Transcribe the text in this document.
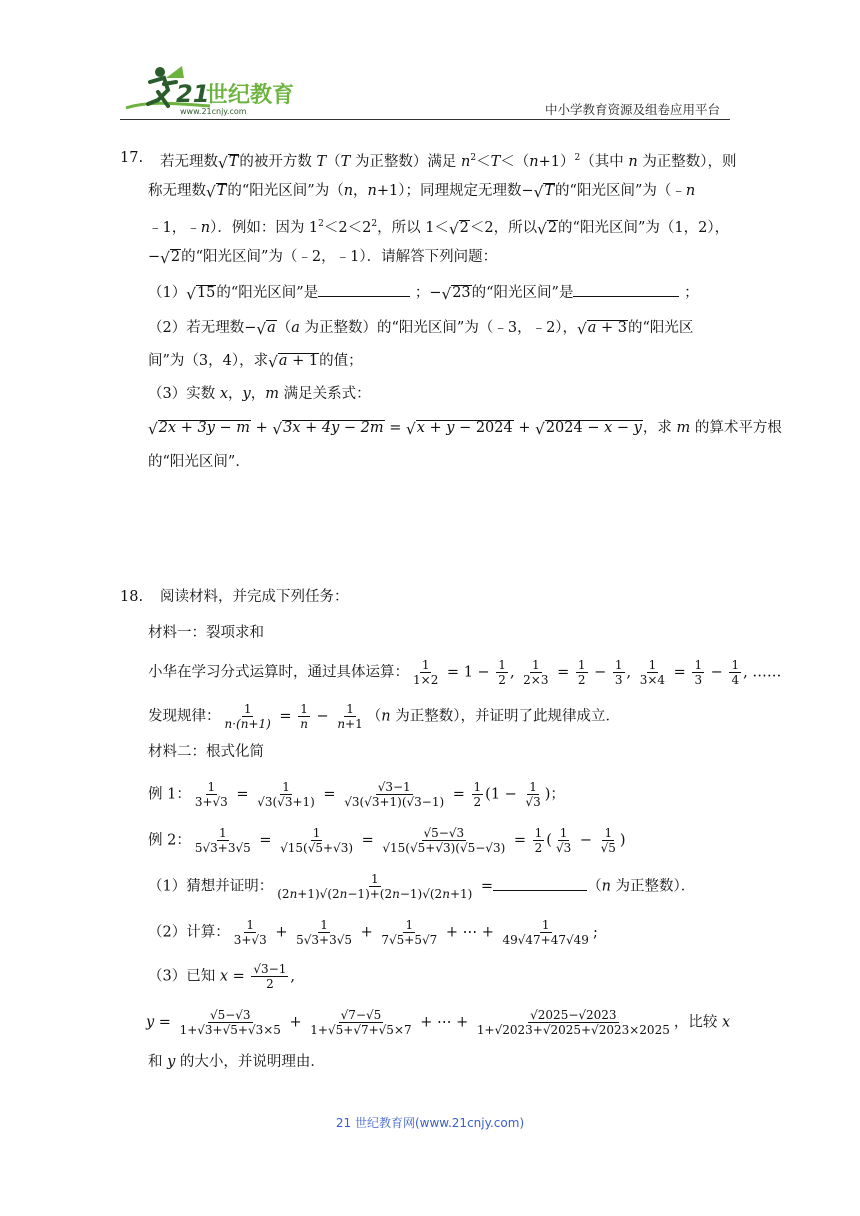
21
世纪教育
www.21cnjy.com	中小学教育资源及组卷应用平台
17. 若无理数 √ T 的被开方数 T（T 为正整数）满足 $n^2<T<(n+1)^2$（其中 n 为正整数），则
称无理数 √ T 的“阳光区间”为（n，n+1）；同理规定无理数− √ T 的“阳光区间”为（﹣n
﹣1，﹣n）．例如：因为 $1^2<2<2^2$，所以 1＜ √ 2 ＜2，所以 √ 2 的“阳光区间”为（1，2），
− √ 2 的“阳光区间”为（﹣2，﹣1）．请解答下列问题：
（1） √ 15 的“阳光区间”是	；− √ 23 的“阳光区间”是	；
（2）若无理数− √ a （a 为正整数）的“阳光区间”为（﹣3，﹣2）， √ a + 3 的“阳光区
间”为（3，4），求 √ a + 1 的值；
（3）实数 x，y，m 满足关系式：
√ 2x + 3y − m + √ 3x + 4y − 2m = √ x + y − 2024 + √ 2024 − x − y ，求 m 的算术平方根
的“阳光区间”．
18. 阅读材料，并完成下列任务：
材料一：裂项求和
小华在学习分式运算时，通过具体运算： $\frac{1}{1\times 2} = 1 - \frac{1}{2}$ , $\frac{1}{2\times 3} = \frac{1}{2} - \frac{1}{3}$ , $\frac{1}{3\times 4} = \frac{1}{3} - \frac{1}{4}$ , ……
发现规律： $\frac{1}{n\cdot(n+1)} = \frac{1}{n} - \frac{1}{n+1} (n$ 为正整数），并证明了此规律成立．
材料二：根式化简
例 1： $\frac{1}{3+√3} = \frac{1}{√3(√3+1)} = \frac{√3-1}{√3(√3+1)(√3-1)} = \frac{1}{2} (1 - \frac{1}{√3}$ )；
例 2： $\frac{1}{5√3+3√5} = \frac{1}{√15(√5+√3)} = \frac{√5-√3}{√15(√5+√3)(√5-√3)} = \frac{1}{2}$ ( $\frac{1}{√3} - \frac{1}{√5}$ )
（1）猜想并证明： $\frac{1}{(2n+1)√(2n-1)+(2n-1)√(2n+1)}$ =	（n 为正整数）．
（2）计算： $\frac{1}{3+√3} + \frac{1}{5√3+3√5} + \frac{1}{7√5+5√7}$ + ⋯ + $\frac{1}{49√47+47√49}$ ;
（3）已知 $x = \frac{√3-1}{2}$ ,
$y = \frac{√5-√3}{1+√3+√5+√3\times 5} + \frac{√7-√5}{1+√5+√7+√5\times 7}$ + ⋯ + $\frac{√2025-√2023}{1+√2023+√2025+√2023\times 2025}$ ，比较 x
和 y 的大小，并说明理由．
21 世纪教育网(www.21cnjy.com)
